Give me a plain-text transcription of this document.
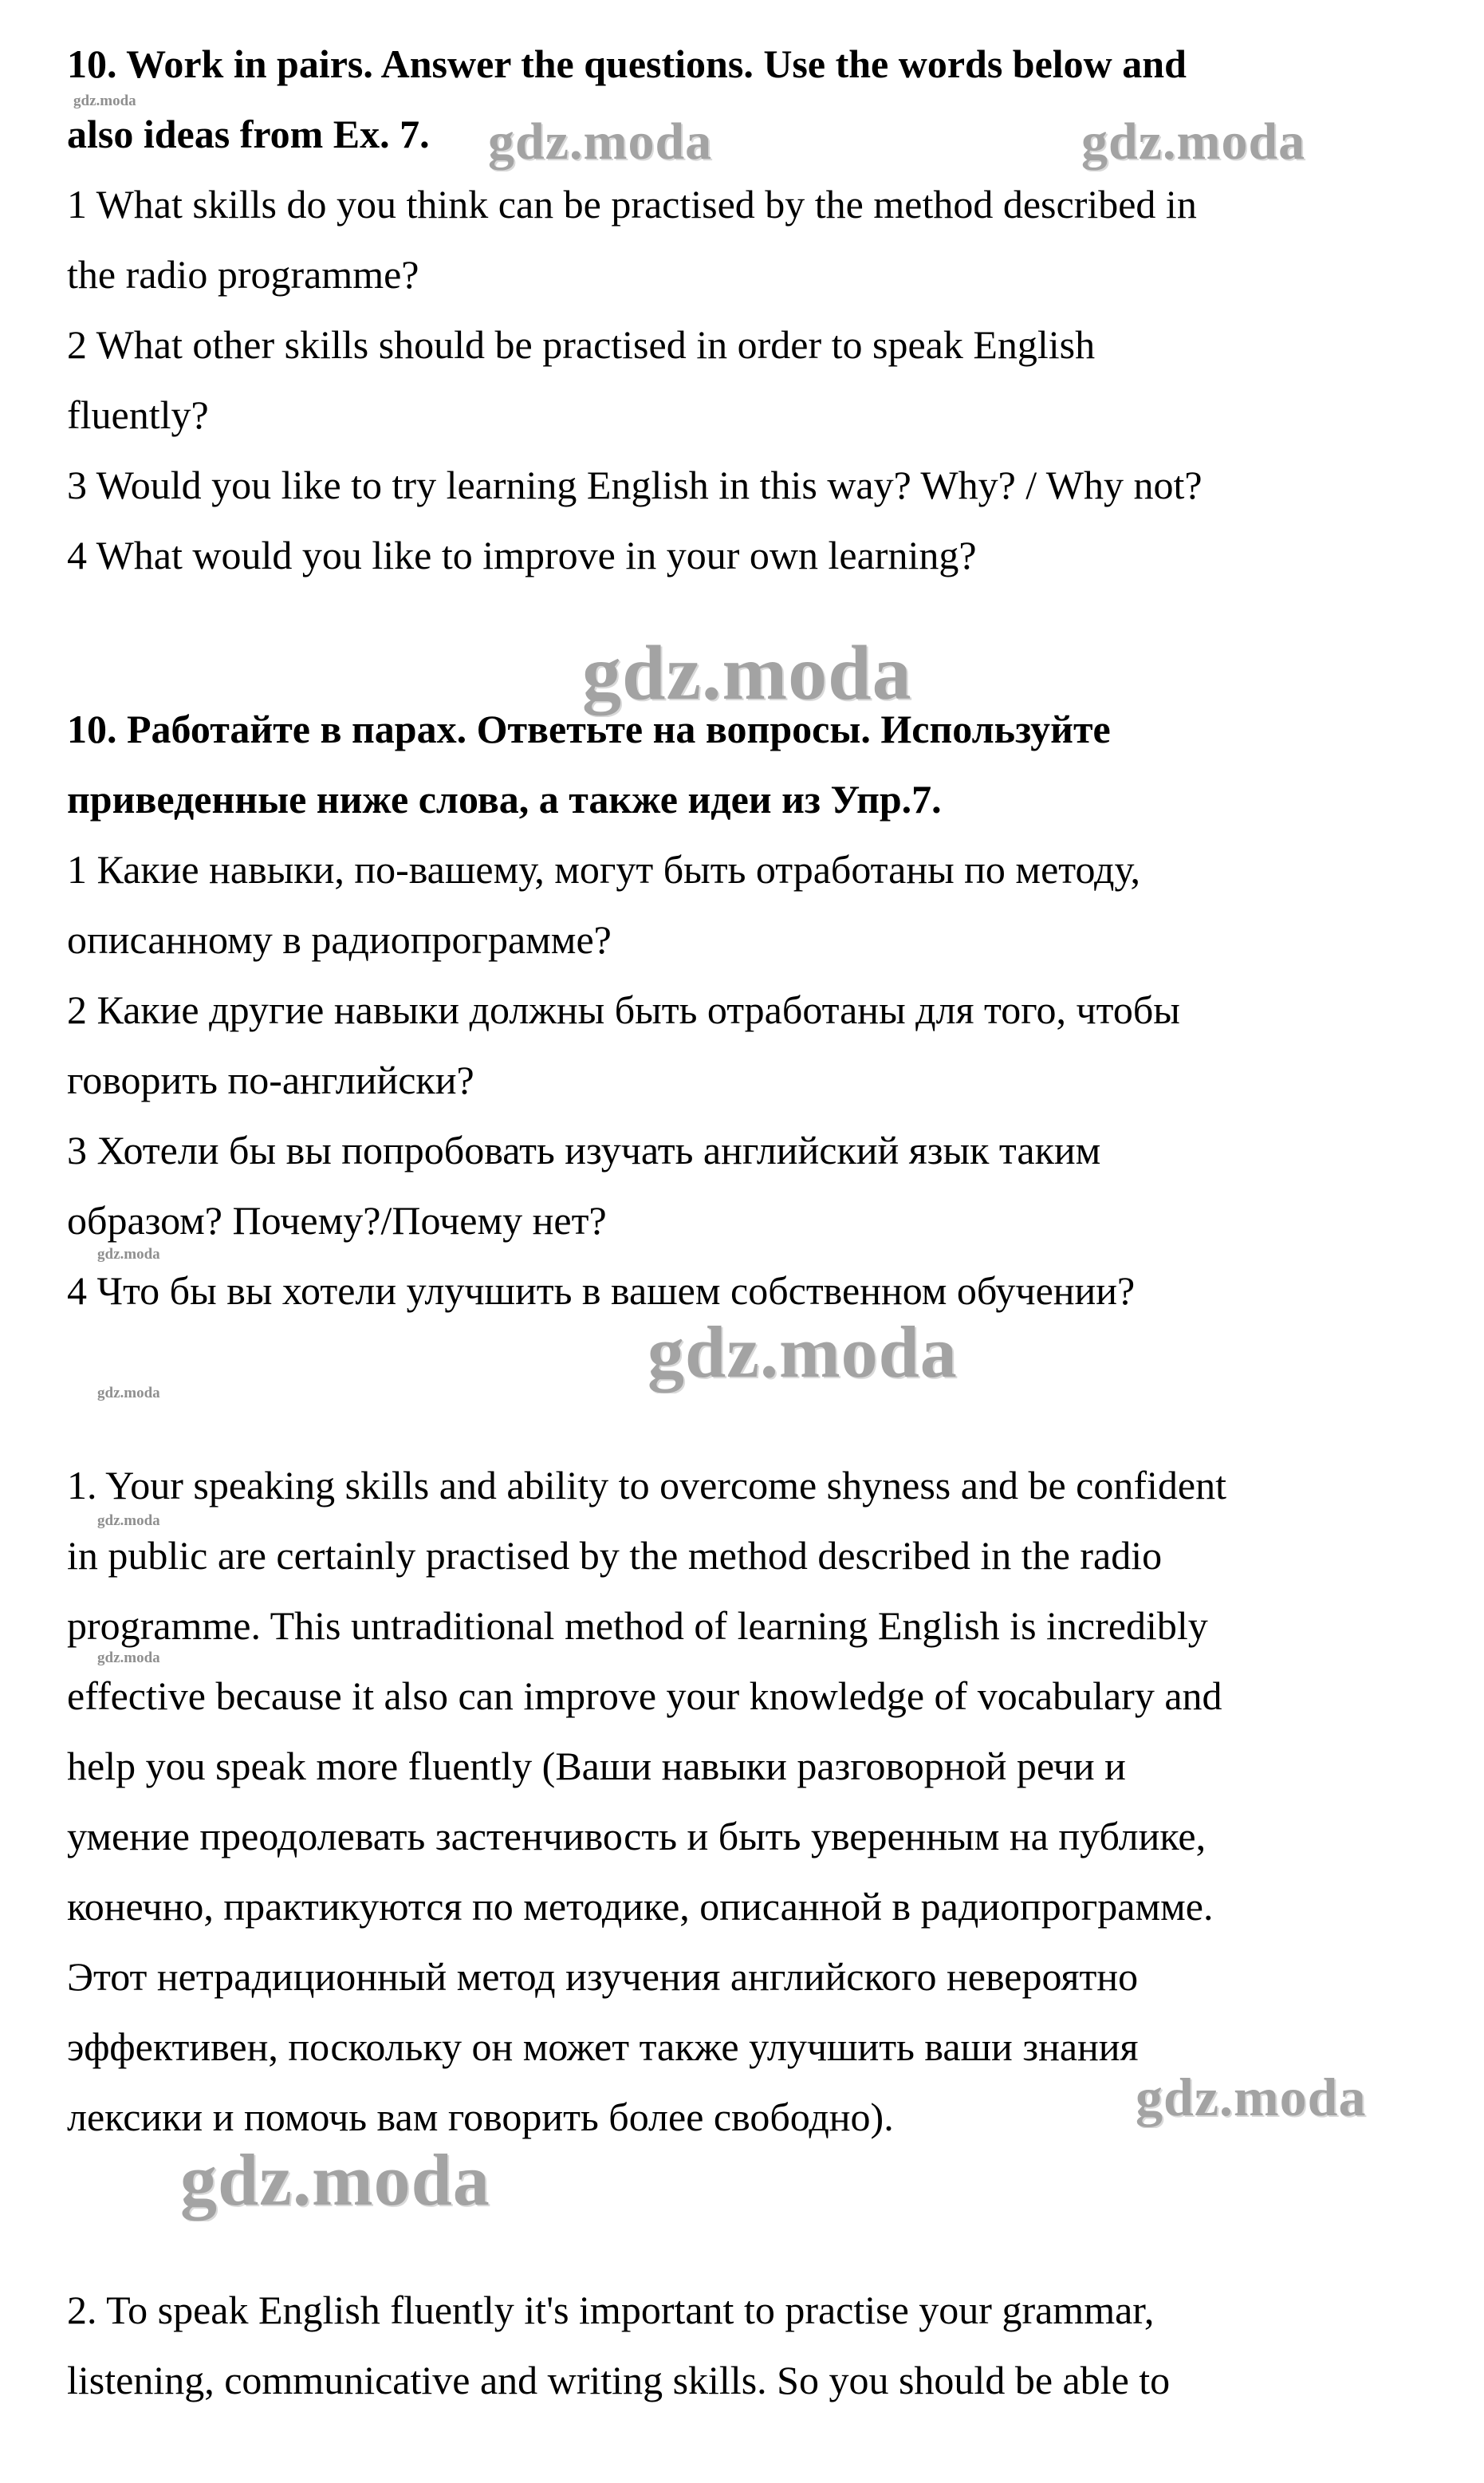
10. Work in pairs. Answer the questions. Use the words below and
also ideas from Ex. 7.
1 What skills do you think can be practised by the method described in
the radio programme?
2 What other skills should be practised in order to speak English
fluently?
3 Would you like to try learning English in this way? Why? / Why not?
4 What would you like to improve in your own learning?
10. Работайте в парах. Ответьте на вопросы. Используйте
приведенные ниже слова, а также идеи из Упр.7.
1 Какие навыки, по-вашему, могут быть отработаны по методу,
описанному в радиопрограмме?
2 Какие другие навыки должны быть отработаны для того, чтобы
говорить по-английски?
3 Хотели бы вы попробовать изучать английский язык таким
образом? Почему?/Почему нет?
4 Что бы вы хотели улучшить в вашем собственном обучении?
1. Your speaking skills and ability to overcome shyness and be confident
in public are certainly practised by the method described in the radio
programme. This untraditional method of learning English is incredibly
effective because it also can improve your knowledge of vocabulary and
help you speak more fluently (Ваши навыки разговорной речи и
умение преодолевать застенчивость и быть уверенным на публике,
конечно, практикуются по методике, описанной в радиопрограмме.
Этот нетрадиционный метод изучения английского невероятно
эффективен, поскольку он может также улучшить ваши знания
лексики и помочь вам говорить более свободно).
2. To speak English fluently it's important to practise your grammar,
listening, communicative and writing skills. So you should be able to
gdz.moda	gdz.moda
gdz.moda
gdz.moda
gdz.moda
gdz.moda
gdz.moda
gdz.moda
gdz.moda
gdz.moda
gdz.moda
